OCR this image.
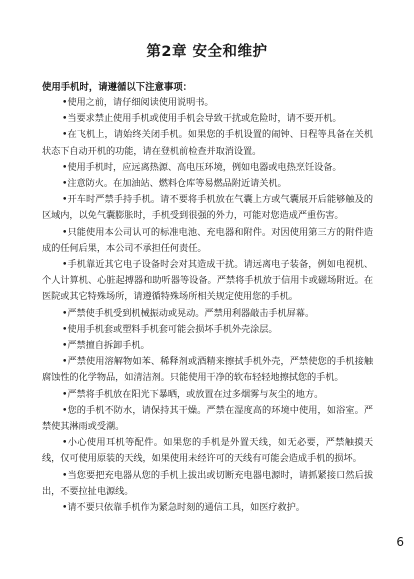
第2章 安全和维护
使用手机时，请遵循以下注意事项：

•使用之前，请仔细阅读使用说明书。

•当要求禁止使用手机或使用手机会导致干扰或危险时，请不要开机。

•在飞机上，请始终关闭手机。如果您的手机设置的闹钟、日程等具备在关机状态下自动开机的功能，请在登机前检查并取消设置。

•使用手机时，应远离热源、高电压环境，例如电器或电热烹饪设备。

•注意防火。在加油站、燃料仓库等易燃品附近请关机。

•开车时严禁手持手机。请不要将手机放在气囊上方或气囊展开后能够触及的区域内，以免气囊膨胀时，手机受到很强的外力，可能对您造成严重伤害。

•只能使用本公司认可的标准电池、充电器和附件。对因使用第三方的附件造成的任何后果，本公司不承担任何责任。

•手机靠近其它电子设备时会对其造成干扰。请远离电子装备，例如电视机、个人计算机、心脏起搏器和助听器等设备。严禁将手机放于信用卡或磁场附近。在医院或其它特殊场所，请遵循特殊场所相关规定使用您的手机。

•严禁使手机受到机械振动或晃动。严禁用利器敲击手机屏幕。

•使用手机套或塑料手机套可能会损坏手机外壳涂层。

•严禁擅自拆卸手机。

•严禁使用溶解物如苯、稀释剂或酒精来擦拭手机外壳，严禁使您的手机接触腐蚀性的化学物品，如清洁剂。只能使用干净的软布轻轻地擦拭您的手机。

•严禁将手机放在阳光下暴晒，或放置在过多烟雾与灰尘的地方。

•您的手机不防水，请保持其干燥。严禁在湿度高的环境中使用，如浴室。严禁使其淋雨或受潮。

•小心使用耳机等配件。如果您的手机是外置天线，如无必要，严禁触摸天线，仅可使用原装的天线，如果使用未经许可的天线有可能会造成手机的损坏。

•当您要把充电器从您的手机上拔出或切断充电器电源时，请抓紧接口然后拔出，不要拉扯电源线。

•请不要只依靠手机作为紧急时刻的通信工具，如医疗救护。

6
